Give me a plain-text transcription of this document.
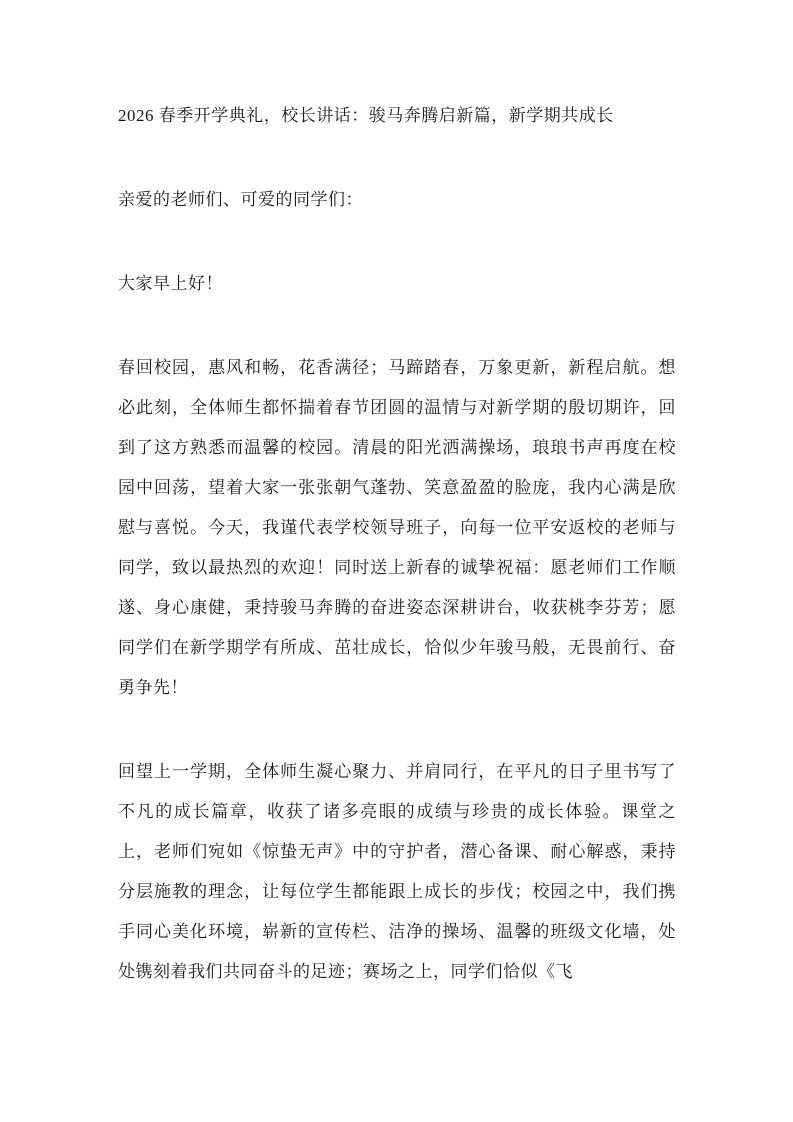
2026 春季开学典礼，校长讲话：骏马奔腾启新篇，新学期共成长
亲爱的老师们、可爱的同学们：
大家早上好！
春回校园，惠风和畅，花香满径；马蹄踏春，万象更新，新程启航。想必此刻，全体师生都怀揣着春节团圆的温情与对新学期的殷切期许，回到了这方熟悉而温馨的校园。清晨的阳光洒满操场，琅琅书声再度在校园中回荡，望着大家一张张朝气蓬勃、笑意盈盈的脸庞，我内心满是欣慰与喜悦。今天，我谨代表学校领导班子，向每一位平安返校的老师与同学，致以最热烈的欢迎！同时送上新春的诚挚祝福：愿老师们工作顺遂、身心康健，秉持骏马奔腾的奋进姿态深耕讲台，收获桃李芬芳；愿同学们在新学期学有所成、茁壮成长，恰似少年骏马般，无畏前行、奋勇争先！
回望上一学期，全体师生凝心聚力、并肩同行，在平凡的日子里书写了不凡的成长篇章，收获了诸多亮眼的成绩与珍贵的成长体验。课堂之上，老师们宛如《惊蛰无声》中的守护者，潜心备课、耐心解惑，秉持分层施教的理念，让每位学生都能跟上成长的步伐；校园之中，我们携手同心美化环境，崭新的宣传栏、洁净的操场、温馨的班级文化墙，处处镌刻着我们共同奋斗的足迹；赛场之上，同学们恰似《飞
